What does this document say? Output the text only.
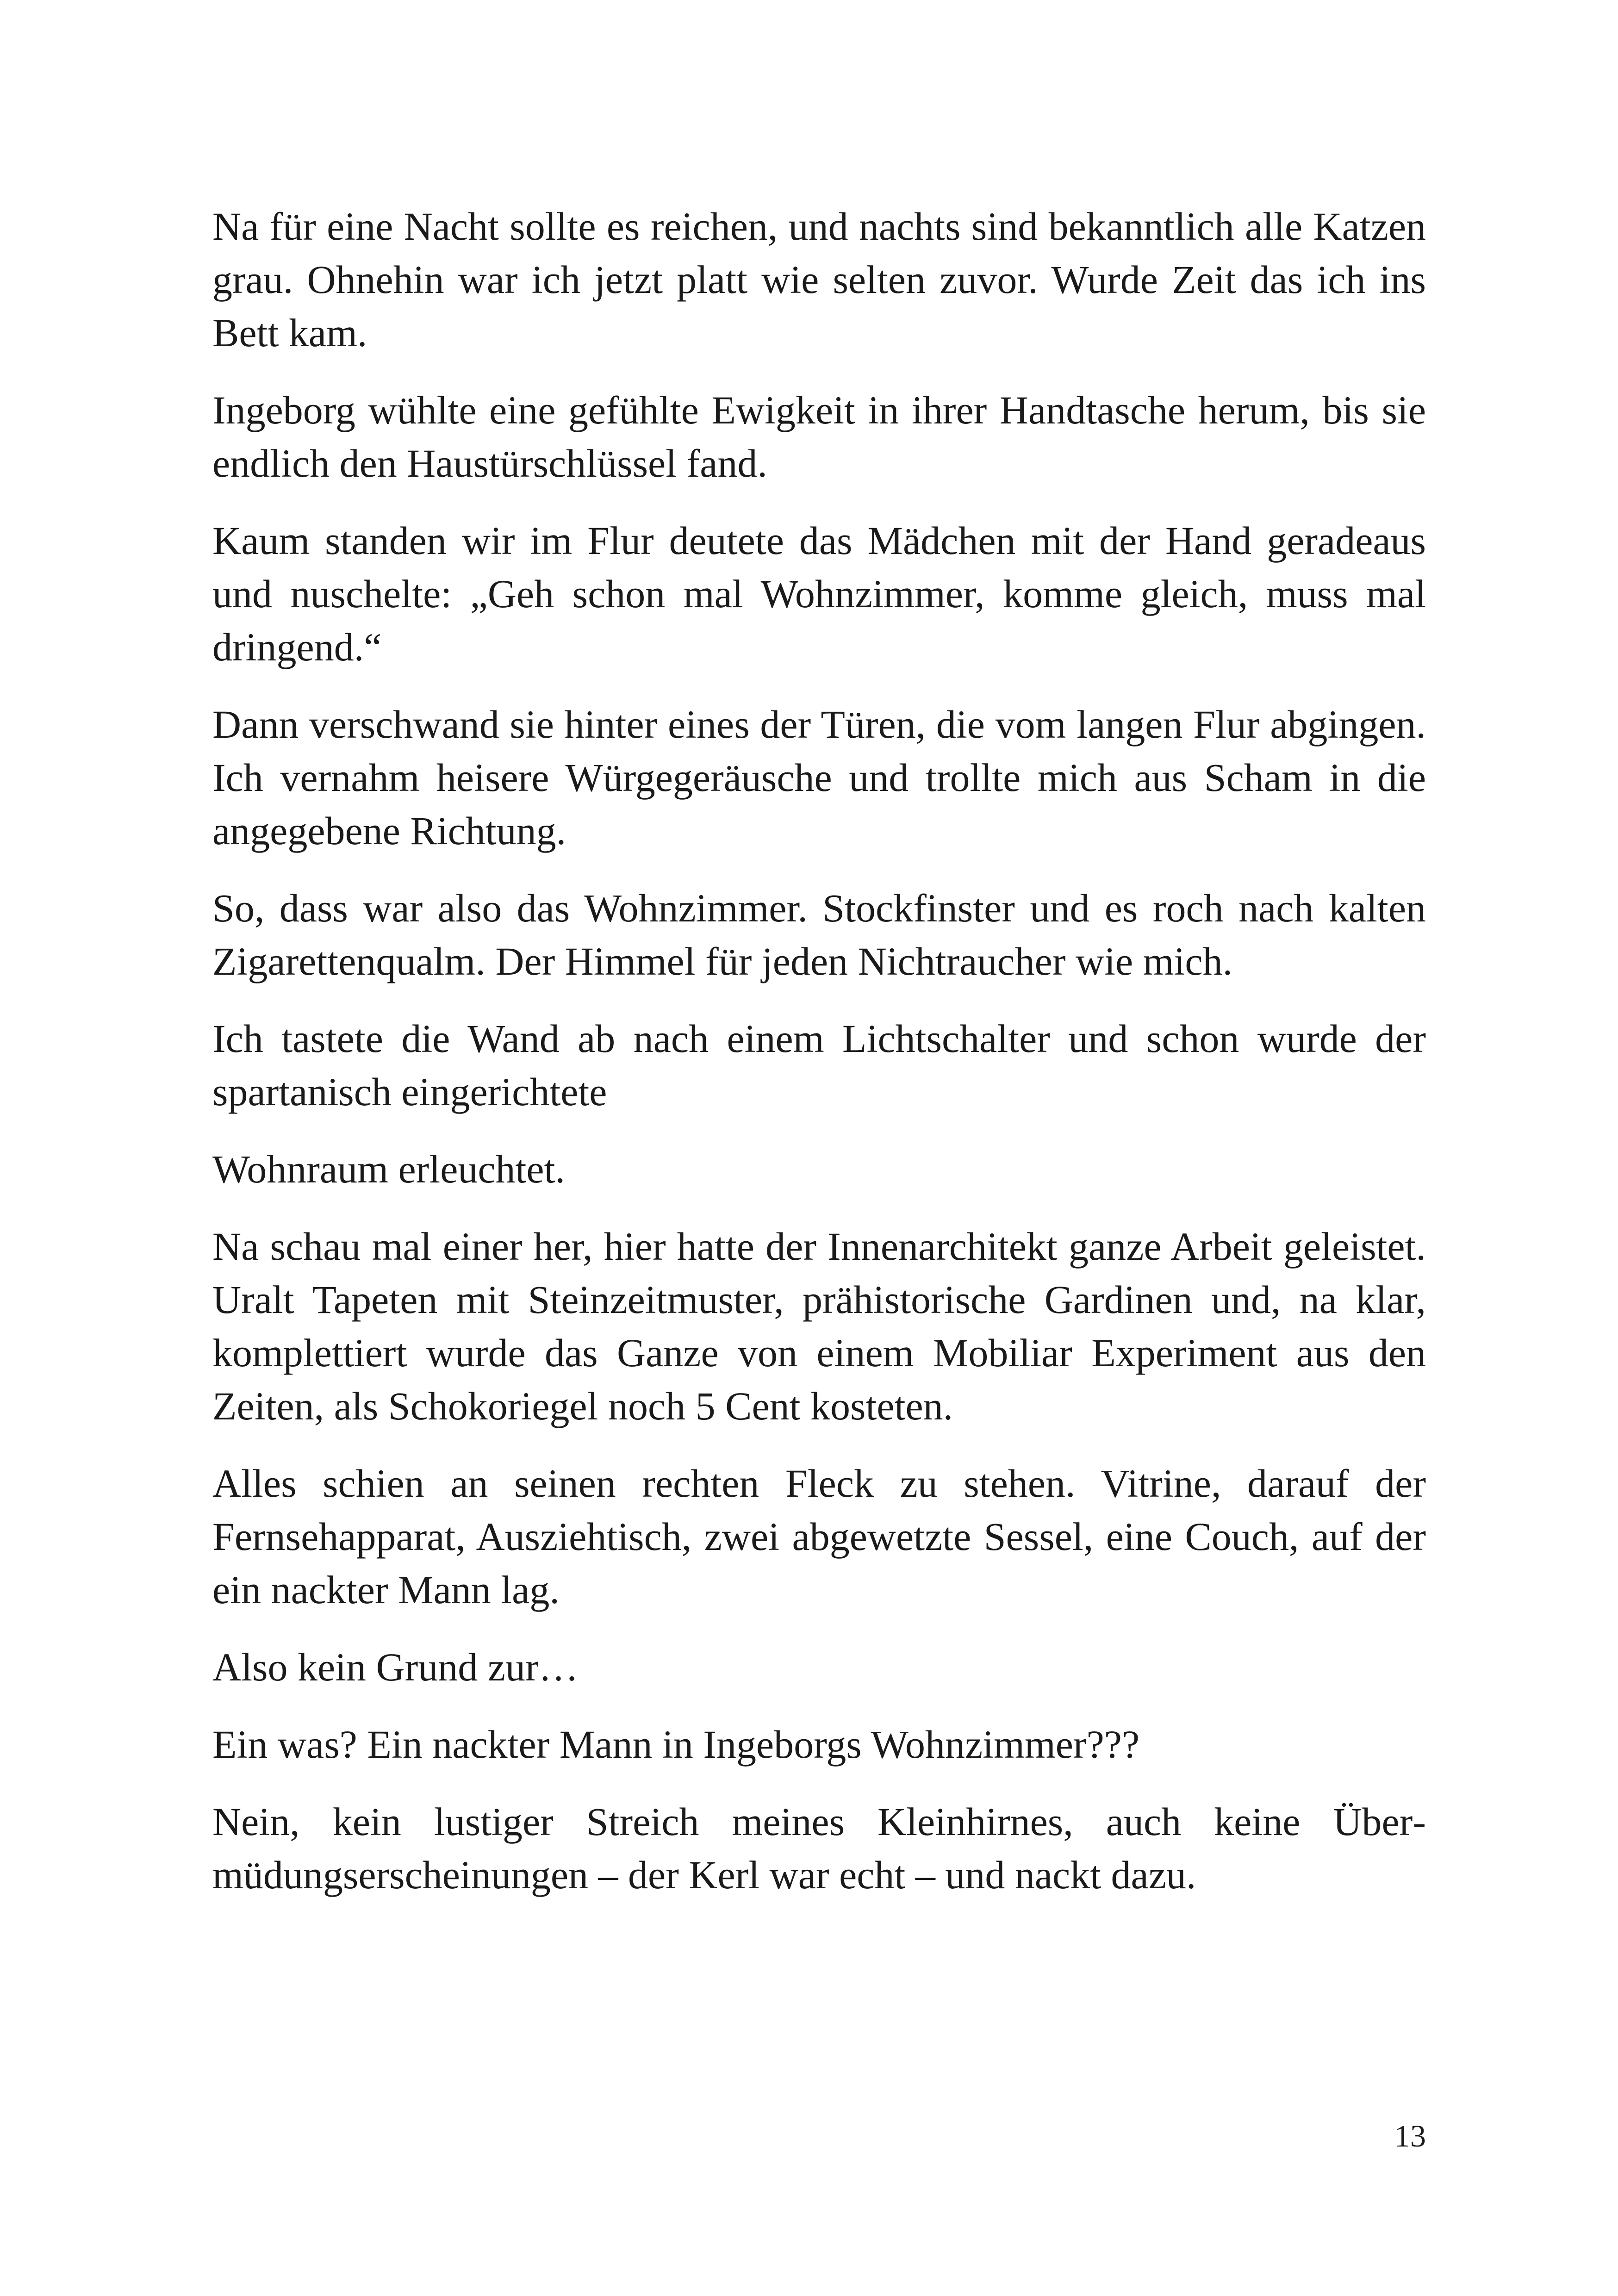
Na für eine Nacht sollte es reichen, und nachts sind bekanntlich alle Katzen grau. Ohnehin war ich jetzt platt wie selten zuvor. Wurde Zeit das ich ins Bett kam.

Ingeborg wühlte eine gefühlte Ewigkeit in ihrer Handtasche herum, bis sie endlich den Haustürschlüssel fand.

Kaum standen wir im Flur deutete das Mädchen mit der Hand geradeaus und nuschelte: „Geh schon mal Wohnzimmer, komme gleich, muss mal dringend.“

Dann verschwand sie hinter eines der Türen, die vom langen Flur abgingen. Ich vernahm heisere Würgegeräusche und trollte mich aus Scham in die angegebene Richtung.

So, dass war also das Wohnzimmer. Stockfinster und es roch nach kalten Zigarettenqualm. Der Himmel für jeden Nichtraucher wie mich.

Ich tastete die Wand ab nach einem Lichtschalter und schon wurde der spartanisch eingerichtete

Wohnraum erleuchtet.

Na schau mal einer her, hier hatte der Innenarchitekt ganze Arbeit geleistet. Uralt Tapeten mit Steinzeitmuster, prähistorische Gardinen und, na klar, komplettiert wurde das Ganze von einem Mobiliar Experiment aus den Zeiten, als Schokoriegel noch 5 Cent kosteten.

Alles schien an seinen rechten Fleck zu stehen. Vitrine, darauf der Fernsehapparat, Ausziehtisch, zwei abgewetzte Sessel, eine Couch, auf der ein nackter Mann lag.

Also kein Grund zur…

Ein was? Ein nackter Mann in Ingeborgs Wohnzimmer???

Nein, kein lustiger Streich meines Kleinhirnes, auch keine Übermüdungserscheinungen – der Kerl war echt – und nackt dazu.

13
